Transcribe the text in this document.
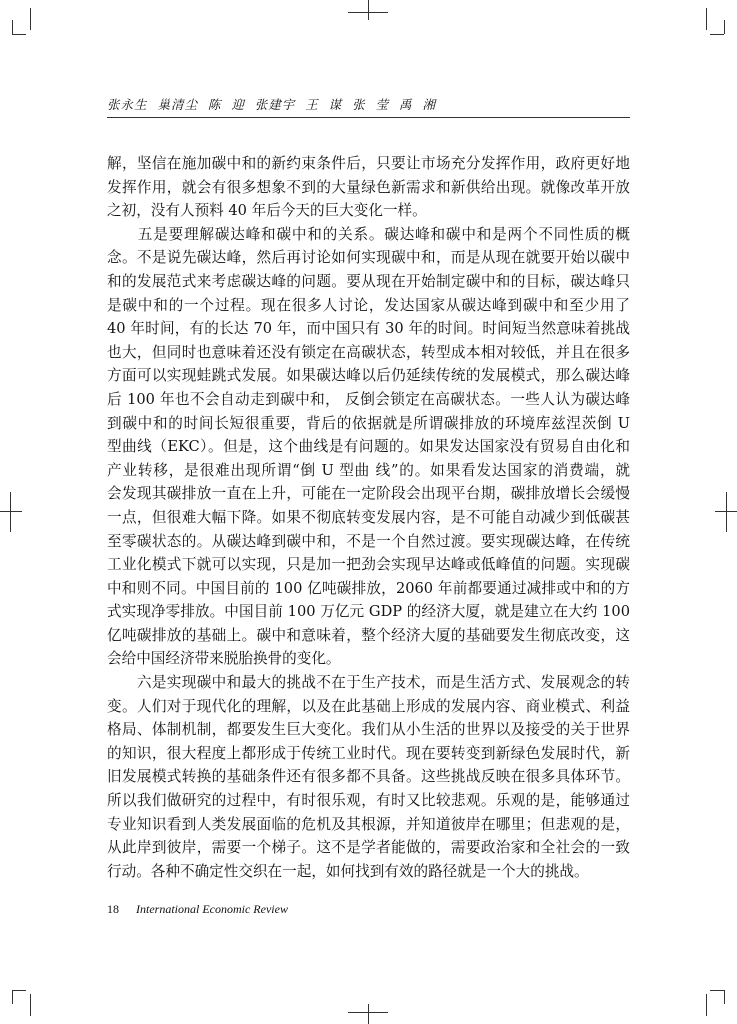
张永生  巢清尘  陈  迎  张建宇  王  谋  张  莹  禹  湘
解，坚信在施加碳中和的新约束条件后，只要让市场充分发挥作用，政府更好地
发挥作用，就会有很多想象不到的大量绿色新需求和新供给出现。就像改革开放
之初，没有人预料 40 年后今天的巨大变化一样。
　　五是要理解碳达峰和碳中和的关系。碳达峰和碳中和是两个不同性质的概
念。不是说先碳达峰，然后再讨论如何实现碳中和，而是从现在就要开始以碳中
和的发展范式来考虑碳达峰的问题。要从现在开始制定碳中和的目标，碳达峰只
是碳中和的一个过程。现在很多人讨论，发达国家从碳达峰到碳中和至少用了
40 年时间，有的长达 70 年，而中国只有 30 年的时间。时间短当然意味着挑战
也大，但同时也意味着还没有锁定在高碳状态，转型成本相对较低，并且在很多
方面可以实现蛙跳式发展。如果碳达峰以后仍延续传统的发展模式，那么碳达峰
后 100 年也不会自动走到碳中和， 反倒会锁定在高碳状态。一些人认为碳达峰
到碳中和的时间长短很重要，背后的依据就是所谓碳排放的环境库兹涅茨倒 U
型曲线（EKC）。但是，这个曲线是有问题的。如果发达国家没有贸易自由化和
产业转移，是很难出现所谓“倒 U 型曲 线”的。如果看发达国家的消费端，就
会发现其碳排放一直在上升，可能在一定阶段会出现平台期，碳排放增长会缓慢
一点，但很难大幅下降。如果不彻底转变发展内容，是不可能自动减少到低碳甚
至零碳状态的。从碳达峰到碳中和，不是一个自然过渡。要实现碳达峰，在传统
工业化模式下就可以实现，只是加一把劲会实现早达峰或低峰值的问题。实现碳
中和则不同。中国目前的 100 亿吨碳排放，2060 年前都要通过减排或中和的方
式实现净零排放。中国目前 100 万亿元 GDP 的经济大厦，就是建立在大约 100
亿吨碳排放的基础上。碳中和意味着，整个经济大厦的基础要发生彻底改变，这
会给中国经济带来脱胎换骨的变化。
　　六是实现碳中和最大的挑战不在于生产技术，而是生活方式、发展观念的转
变。人们对于现代化的理解，以及在此基础上形成的发展内容、商业模式、利益
格局、体制机制，都要发生巨大变化。我们从小生活的世界以及接受的关于世界
的知识，很大程度上都形成于传统工业时代。现在要转变到新绿色发展时代，新
旧发展模式转换的基础条件还有很多都不具备。这些挑战反映在很多具体环节。
所以我们做研究的过程中，有时很乐观，有时又比较悲观。乐观的是，能够通过
专业知识看到人类发展面临的危机及其根源，并知道彼岸在哪里；但悲观的是，
从此岸到彼岸，需要一个梯子。这不是学者能做的，需要政治家和全社会的一致
行动。各种不确定性交织在一起，如何找到有效的路径就是一个大的挑战。
18 International Economic Review
